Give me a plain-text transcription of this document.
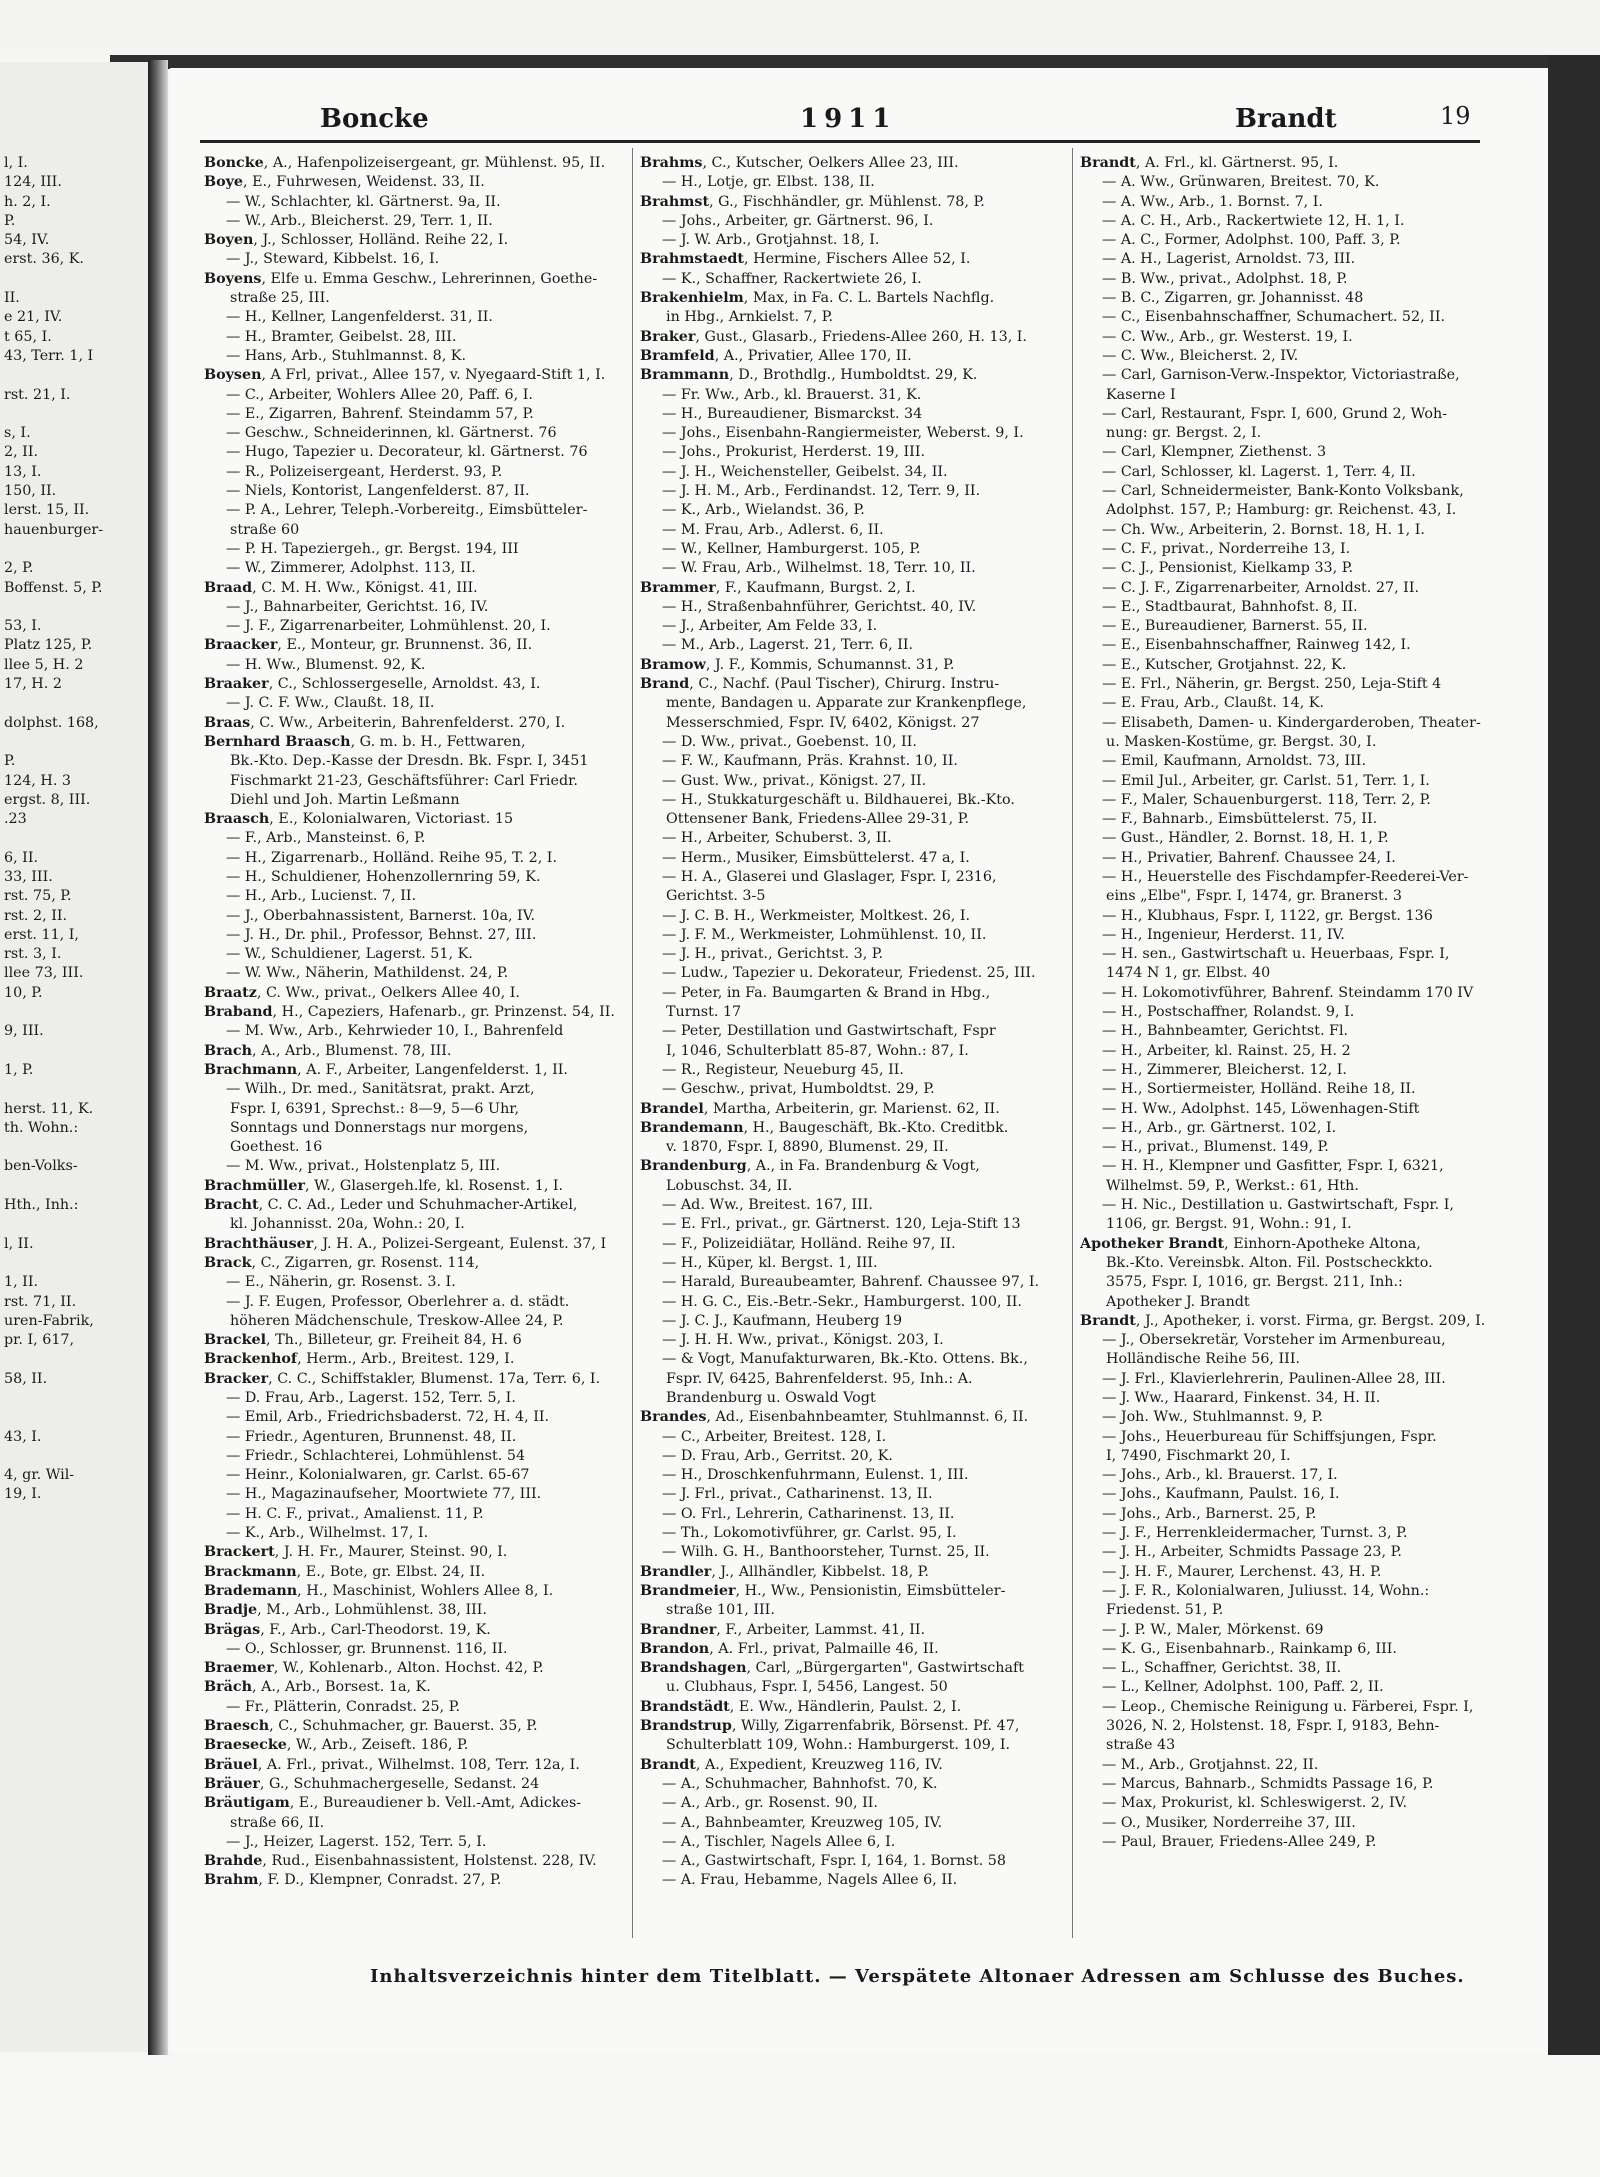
l, I.
124, III.
h. 2, I.
P.
54, IV.
erst. 36, K.

II.
e 21, IV.
t 65, I.
43, Terr. 1, I

rst. 21, I.

s, I.
2, II.
13, I.
150, II.
lerst. 15, II.
hauenburger-

2, P.
Boffenst. 5, P.

53, I.
Platz 125, P.
llee 5, H. 2
17, H. 2

dolphst. 168,

P.
124, H. 3
ergst. 8, III.
.23

6, II.
33, III.
rst. 75, P.
rst. 2, II.
erst. 11, I,
rst. 3, I.
llee 73, III.
10, P.

9, III.

1, P.

herst. 11, K.
th. Wohn.:

ben-Volks-

Hth., Inh.:

l, II.

1, II.
rst. 71, II.
uren-Fabrik,
pr. I, 617,

58, II.

43, I.

4, gr. Wil-
19, I.
Boncke	1911	Brandt	19
Boncke, A., Hafenpolizeisergeant, gr. Mühlenst. 95, II.
Boye, E., Fuhrwesen, Weidenst. 33, II.
— W., Schlachter, kl. Gärtnerst. 9a, II.
— W., Arb., Bleicherst. 29, Terr. 1, II.
Boyen, J., Schlosser, Holländ. Reihe 22, I.
— J., Steward, Kibbelst. 16, I.
Boyens, Elfe u. Emma Geschw., Lehrerinnen, Goethe-
straße 25, III.
— H., Kellner, Langenfelderst. 31, II.
— H., Bramter, Geibelst. 28, III.
— Hans, Arb., Stuhlmannst. 8, K.
Boysen, A Frl, privat., Allee 157, v. Nyegaard-Stift 1, I.
— C., Arbeiter, Wohlers Allee 20, Paff. 6, I.
— E., Zigarren, Bahrenf. Steindamm 57, P.
— Geschw., Schneiderinnen, kl. Gärtnerst. 76
— Hugo, Tapezier u. Decorateur, kl. Gärtnerst. 76
— R., Polizeisergeant, Herderst. 93, P.
— Niels, Kontorist, Langenfelderst. 87, II.
— P. A., Lehrer, Teleph.-Vorbereitg., Eimsbütteler-
straße 60
— P. H. Tapeziergeh., gr. Bergst. 194, III
— W., Zimmerer, Adolphst. 113, II.
Braad, C. M. H. Ww., Königst. 41, III.
— J., Bahnarbeiter, Gerichtst. 16, IV.
— J. F., Zigarrenarbeiter, Lohmühlenst. 20, I.
Braacker, E., Monteur, gr. Brunnenst. 36, II.
— H. Ww., Blumenst. 92, K.
Braaker, C., Schlossergeselle, Arnoldst. 43, I.
— J. C. F. Ww., Claußt. 18, II.
Braas, C. Ww., Arbeiterin, Bahrenfelderst. 270, I.
Bernhard Braasch, G. m. b. H., Fettwaren,
Bk.-Kto. Dep.-Kasse der Dresdn. Bk. Fspr. I, 3451
Fischmarkt 21-23, Geschäftsführer: Carl Friedr.
Diehl und Joh. Martin Leßmann
Braasch, E., Kolonialwaren, Victoriast. 15
— F., Arb., Mansteinst. 6, P.
— H., Zigarrenarb., Holländ. Reihe 95, T. 2, I.
— H., Schuldiener, Hohenzollernring 59, K.
— H., Arb., Lucienst. 7, II.
— J., Oberbahnassistent, Barnerst. 10a, IV.
— J. H., Dr. phil., Professor, Behnst. 27, III.
— W., Schuldiener, Lagerst. 51, K.
— W. Ww., Näherin, Mathildenst. 24, P.
Braatz, C. Ww., privat., Oelkers Allee 40, I.
Braband, H., Capeziers, Hafenarb., gr. Prinzenst. 54, II.
— M. Ww., Arb., Kehrwieder 10, I., Bahrenfeld
Brach, A., Arb., Blumenst. 78, III.
Brachmann, A. F., Arbeiter, Langenfelderst. 1, II.
— Wilh., Dr. med., Sanitätsrat, prakt. Arzt,
Fspr. I, 6391, Sprechst.: 8—9, 5—6 Uhr,
Sonntags und Donnerstags nur morgens,
Goethest. 16
— M. Ww., privat., Holstenplatz 5, III.
Brachmüller, W., Glasergeh.lfe, kl. Rosenst. 1, I.
Bracht, C. C. Ad., Leder und Schuhmacher-Artikel,
kl. Johannisst. 20a, Wohn.: 20, I.
Brachthäuser, J. H. A., Polizei-Sergeant, Eulenst. 37, I
Brack, C., Zigarren, gr. Rosenst. 114,
— E., Näherin, gr. Rosenst. 3. I.
— J. F. Eugen, Professor, Oberlehrer a. d. städt.
höheren Mädchenschule, Treskow-Allee 24, P.
Brackel, Th., Billeteur, gr. Freiheit 84, H. 6
Brackenhof, Herm., Arb., Breitest. 129, I.
Bracker, C. C., Schiffstakler, Blumenst. 17a, Terr. 6, I.
— D. Frau, Arb., Lagerst. 152, Terr. 5, I.
— Emil, Arb., Friedrichsbaderst. 72, H. 4, II.
— Friedr., Agenturen, Brunnenst. 48, II.
— Friedr., Schlachterei, Lohmühlenst. 54
— Heinr., Kolonialwaren, gr. Carlst. 65-67
— H., Magazinaufseher, Moortwiete 77, III.
— H. C. F., privat., Amalienst. 11, P.
— K., Arb., Wilhelmst. 17, I.
Brackert, J. H. Fr., Maurer, Steinst. 90, I.
Brackmann, E., Bote, gr. Elbst. 24, II.
Brademann, H., Maschinist, Wohlers Allee 8, I.
Bradje, M., Arb., Lohmühlenst. 38, III.
Brägas, F., Arb., Carl-Theodorst. 19, K.
— O., Schlosser, gr. Brunnenst. 116, II.
Braemer, W., Kohlenarb., Alton. Hochst. 42, P.
Bräch, A., Arb., Borsest. 1a, K.
— Fr., Plätterin, Conradst. 25, P.
Braesch, C., Schuhmacher, gr. Bauerst. 35, P.
Braesecke, W., Arb., Zeiseft. 186, P.
Bräuel, A. Frl., privat., Wilhelmst. 108, Terr. 12a, I.
Bräuer, G., Schuhmachergeselle, Sedanst. 24
Bräutigam, E., Bureaudiener b. Vell.-Amt, Adickes-
straße 66, II.
— J., Heizer, Lagerst. 152, Terr. 5, I.
Brahde, Rud., Eisenbahnassistent, Holstenst. 228, IV.
Brahm, F. D., Klempner, Conradst. 27, P.
Brahms, C., Kutscher, Oelkers Allee 23, III.
— H., Lotje, gr. Elbst. 138, II.
Brahmst, G., Fischhändler, gr. Mühlenst. 78, P.
— Johs., Arbeiter, gr. Gärtnerst. 96, I.
— J. W. Arb., Grotjahnst. 18, I.
Brahmstaedt, Hermine, Fischers Allee 52, I.
— K., Schaffner, Rackertwiete 26, I.
Brakenhielm, Max, in Fa. C. L. Bartels Nachflg.
in Hbg., Arnkielst. 7, P.
Braker, Gust., Glasarb., Friedens-Allee 260, H. 13, I.
Bramfeld, A., Privatier, Allee 170, II.
Brammann, D., Brothdlg., Humboldtst. 29, K.
— Fr. Ww., Arb., kl. Brauerst. 31, K.
— H., Bureaudiener, Bismarckst. 34
— Johs., Eisenbahn-Rangiermeister, Weberst. 9, I.
— Johs., Prokurist, Herderst. 19, III.
— J. H., Weichensteller, Geibelst. 34, II.
— J. H. M., Arb., Ferdinandst. 12, Terr. 9, II.
— K., Arb., Wielandst. 36, P.
— M. Frau, Arb., Adlerst. 6, II.
— W., Kellner, Hamburgerst. 105, P.
— W. Frau, Arb., Wilhelmst. 18, Terr. 10, II.
Brammer, F., Kaufmann, Burgst. 2, I.
— H., Straßenbahnführer, Gerichtst. 40, IV.
— J., Arbeiter, Am Felde 33, I.
— M., Arb., Lagerst. 21, Terr. 6, II.
Bramow, J. F., Kommis, Schumannst. 31, P.
Brand, C., Nachf. (Paul Tischer), Chirurg. Instru-
mente, Bandagen u. Apparate zur Krankenpflege,
Messerschmied, Fspr. IV, 6402, Königst. 27
— D. Ww., privat., Goebenst. 10, II.
— F. W., Kaufmann, Präs. Krahnst. 10, II.
— Gust. Ww., privat., Königst. 27, II.
— H., Stukkaturgeschäft u. Bildhauerei, Bk.-Kto.
Ottensener Bank, Friedens-Allee 29-31, P.
— H., Arbeiter, Schuberst. 3, II.
— Herm., Musiker, Eimsbüttelerst. 47 a, I.
— H. A., Glaserei und Glaslager, Fspr. I, 2316,
Gerichtst. 3-5
— J. C. B. H., Werkmeister, Moltkest. 26, I.
— J. F. M., Werkmeister, Lohmühlenst. 10, II.
— J. H., privat., Gerichtst. 3, P.
— Ludw., Tapezier u. Dekorateur, Friedenst. 25, III.
— Peter, in Fa. Baumgarten & Brand in Hbg.,
Turnst. 17
— Peter, Destillation und Gastwirtschaft, Fspr
I, 1046, Schulterblatt 85-87, Wohn.: 87, I.
— R., Registeur, Neueburg 45, II.
— Geschw., privat, Humboldtst. 29, P.
Brandel, Martha, Arbeiterin, gr. Marienst. 62, II.
Brandemann, H., Baugeschäft, Bk.-Kto. Creditbk.
v. 1870, Fspr. I, 8890, Blumenst. 29, II.
Brandenburg, A., in Fa. Brandenburg & Vogt,
Lobuschst. 34, II.
— Ad. Ww., Breitest. 167, III.
— E. Frl., privat., gr. Gärtnerst. 120, Leja-Stift 13
— F., Polizeidiätar, Holländ. Reihe 97, II.
— H., Küper, kl. Bergst. 1, III.
— Harald, Bureaubeamter, Bahrenf. Chaussee 97, I.
— H. G. C., Eis.-Betr.-Sekr., Hamburgerst. 100, II.
— J. C. J., Kaufmann, Heuberg 19
— J. H. H. Ww., privat., Königst. 203, I.
— & Vogt, Manufakturwaren, Bk.-Kto. Ottens. Bk.,
Fspr. IV, 6425, Bahrenfelderst. 95, Inh.: A.
Brandenburg u. Oswald Vogt
Brandes, Ad., Eisenbahnbeamter, Stuhlmannst. 6, II.
— C., Arbeiter, Breitest. 128, I.
— D. Frau, Arb., Gerritst. 20, K.
— H., Droschkenfuhrmann, Eulenst. 1, III.
— J. Frl., privat., Catharinenst. 13, II.
— O. Frl., Lehrerin, Catharinenst. 13, II.
— Th., Lokomotivführer, gr. Carlst. 95, I.
— Wilh. G. H., Banthoorsteher, Turnst. 25, II.
Brandler, J., Allhändler, Kibbelst. 18, P.
Brandmeier, H., Ww., Pensionistin, Eimsbütteler-
straße 101, III.
Brandner, F., Arbeiter, Lammst. 41, II.
Brandon, A. Frl., privat, Palmaille 46, II.
Brandshagen, Carl, „Bürgergarten", Gastwirtschaft
u. Clubhaus, Fspr. I, 5456, Langest. 50
Brandstädt, E. Ww., Händlerin, Paulst. 2, I.
Brandstrup, Willy, Zigarrenfabrik, Börsenst. Pf. 47,
Schulterblatt 109, Wohn.: Hamburgerst. 109, I.
Brandt, A., Expedient, Kreuzweg 116, IV.
— A., Schuhmacher, Bahnhofst. 70, K.
— A., Arb., gr. Rosenst. 90, II.
— A., Bahnbeamter, Kreuzweg 105, IV.
— A., Tischler, Nagels Allee 6, I.
— A., Gastwirtschaft, Fspr. I, 164, 1. Bornst. 58
— A. Frau, Hebamme, Nagels Allee 6, II.
Brandt, A. Frl., kl. Gärtnerst. 95, I.
— A. Ww., Grünwaren, Breitest. 70, K.
— A. Ww., Arb., 1. Bornst. 7, I.
— A. C. H., Arb., Rackertwiete 12, H. 1, I.
— A. C., Former, Adolphst. 100, Paff. 3, P.
— A. H., Lagerist, Arnoldst. 73, III.
— B. Ww., privat., Adolphst. 18, P.
— B. C., Zigarren, gr. Johannisst. 48
— C., Eisenbahnschaffner, Schumachert. 52, II.
— C. Ww., Arb., gr. Westerst. 19, I.
— C. Ww., Bleicherst. 2, IV.
— Carl, Garnison-Verw.-Inspektor, Victoriastraße,
Kaserne I
— Carl, Restaurant, Fspr. I, 600, Grund 2, Woh-
nung: gr. Bergst. 2, I.
— Carl, Klempner, Ziethenst. 3
— Carl, Schlosser, kl. Lagerst. 1, Terr. 4, II.
— Carl, Schneidermeister, Bank-Konto Volksbank,
Adolphst. 157, P.; Hamburg: gr. Reichenst. 43, I.
— Ch. Ww., Arbeiterin, 2. Bornst. 18, H. 1, I.
— C. F., privat., Norderreihe 13, I.
— C. J., Pensionist, Kielkamp 33, P.
— C. J. F., Zigarrenarbeiter, Arnoldst. 27, II.
— E., Stadtbaurat, Bahnhofst. 8, II.
— E., Bureaudiener, Barnerst. 55, II.
— E., Eisenbahnschaffner, Rainweg 142, I.
— E., Kutscher, Grotjahnst. 22, K.
— E. Frl., Näherin, gr. Bergst. 250, Leja-Stift 4
— E. Frau, Arb., Claußt. 14, K.
— Elisabeth, Damen- u. Kindergarderoben, Theater-
u. Masken-Kostüme, gr. Bergst. 30, I.
— Emil, Kaufmann, Arnoldst. 73, III.
— Emil Jul., Arbeiter, gr. Carlst. 51, Terr. 1, I.
— F., Maler, Schauenburgerst. 118, Terr. 2, P.
— F., Bahnarb., Eimsbüttelerst. 75, II.
— Gust., Händler, 2. Bornst. 18, H. 1, P.
— H., Privatier, Bahrenf. Chaussee 24, I.
— H., Heuerstelle des Fischdampfer-Reederei-Ver-
eins „Elbe", Fspr. I, 1474, gr. Branerst. 3
— H., Klubhaus, Fspr. I, 1122, gr. Bergst. 136
— H., Ingenieur, Herderst. 11, IV.
— H. sen., Gastwirtschaft u. Heuerbaas, Fspr. I,
1474 N 1, gr. Elbst. 40
— H. Lokomotivführer, Bahrenf. Steindamm 170 IV
— H., Postschaffner, Rolandst. 9, I.
— H., Bahnbeamter, Gerichtst. Fl.
— H., Arbeiter, kl. Rainst. 25, H. 2
— H., Zimmerer, Bleicherst. 12, I.
— H., Sortiermeister, Holländ. Reihe 18, II.
— H. Ww., Adolphst. 145, Löwenhagen-Stift
— H., Arb., gr. Gärtnerst. 102, I.
— H., privat., Blumenst. 149, P.
— H. H., Klempner und Gasfitter, Fspr. I, 6321,
Wilhelmst. 59, P., Werkst.: 61, Hth.
— H. Nic., Destillation u. Gastwirtschaft, Fspr. I,
1106, gr. Bergst. 91, Wohn.: 91, I.
Apotheker Brandt, Einhorn-Apotheke Altona,
Bk.-Kto. Vereinsbk. Alton. Fil. Postscheckkto.
3575, Fspr. I, 1016, gr. Bergst. 211, Inh.:
Apotheker J. Brandt
Brandt, J., Apotheker, i. vorst. Firma, gr. Bergst. 209, I.
— J., Obersekretär, Vorsteher im Armenbureau,
Holländische Reihe 56, III.
— J. Frl., Klavierlehrerin, Paulinen-Allee 28, III.
— J. Ww., Haarard, Finkenst. 34, H. II.
— Joh. Ww., Stuhlmannst. 9, P.
— Johs., Heuerbureau für Schiffsjungen, Fspr.
I, 7490, Fischmarkt 20, I.
— Johs., Arb., kl. Brauerst. 17, I.
— Johs., Kaufmann, Paulst. 16, I.
— Johs., Arb., Barnerst. 25, P.
— J. F., Herrenkleidermacher, Turnst. 3, P.
— J. H., Arbeiter, Schmidts Passage 23, P.
— J. H. F., Maurer, Lerchenst. 43, H. P.
— J. F. R., Kolonialwaren, Juliusst. 14, Wohn.:
Friedenst. 51, P.
— J. P. W., Maler, Mörkenst. 69
— K. G., Eisenbahnarb., Rainkamp 6, III.
— L., Schaffner, Gerichtst. 38, II.
— L., Kellner, Adolphst. 100, Paff. 2, II.
— Leop., Chemische Reinigung u. Färberei, Fspr. I,
3026, N. 2, Holstenst. 18, Fspr. I, 9183, Behn-
straße 43
— M., Arb., Grotjahnst. 22, II.
— Marcus, Bahnarb., Schmidts Passage 16, P.
— Max, Prokurist, kl. Schleswigerst. 2, IV.
— O., Musiker, Norderreihe 37, III.
— Paul, Brauer, Friedens-Allee 249, P.
Inhaltsverzeichnis hinter dem Titelblatt. — Verspätete Altonaer Adressen am Schlusse des Buches.
